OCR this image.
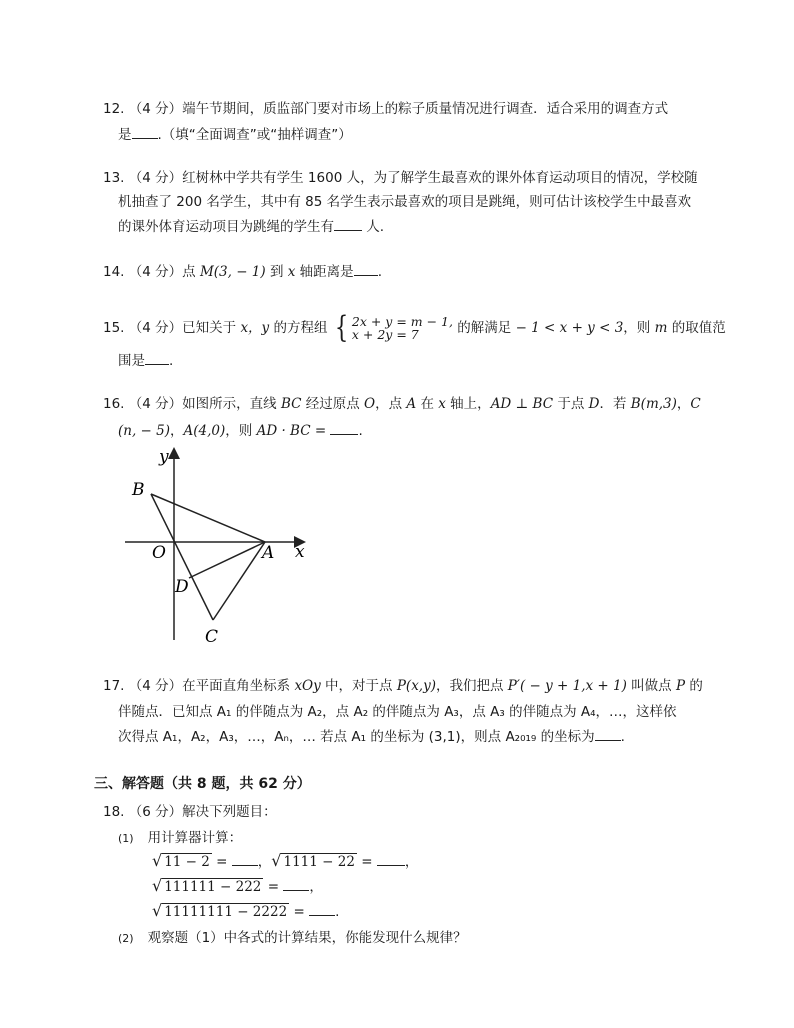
12. （4 分）端午节期间，质监部门要对市场上的粽子质量情况进行调查．适合采用的调查方式
是 .（填“全面调查”或“抽样调查”）
13. （4 分）红树林中学共有学生 1600 人，为了解学生最喜欢的课外体育运动项目的情况，学校随
机抽查了 200 名学生，其中有 85 名学生表示最喜欢的项目是跳绳，则可估计该校学生中最喜欢
的课外体育运动项目为跳绳的学生有 人.
14. （4 分）点 M(3, − 1) 到 x 轴距离是 .
15. （4 分）已知关于 x，y 的方程组 { 2x + y = m − 1,
x + 2y = 7	的解满足 − 1 < x + y < 3，则 m 的取值范
围是 .
16. （4 分）如图所示，直线 BC 经过原点 O，点 A 在 x 轴上，AD ⊥ BC 于点 D．若 B(m,3)，C
(n, − 5)，A(4,0)，则 AD · BC = .
y
x
B
O	A
D
C
17. （4 分）在平面直角坐标系 xOy 中，对于点 P(x,y)，我们把点 P′( − y + 1,x + 1) 叫做点 P 的
伴随点．已知点 A₁ 的伴随点为 A₂，点 A₂ 的伴随点为 A₃，点 A₃ 的伴随点为 A₄，…，这样依
次得点 A₁，A₂，A₃，…，Aₙ，… 若点 A₁ 的坐标为 (3,1)，则点 A₂₀₁₉ 的坐标为 .
三、解答题（共 8 题，共 62 分）
18. （6 分）解决下列题目：
(1) 用计算器计算：
√ 11 − 2 = ， √ 1111 − 22 = ，
√ 111111 − 222 = ，
√ 11111111 − 2222 = .
(2) 观察题（1）中各式的计算结果，你能发现什么规律？
